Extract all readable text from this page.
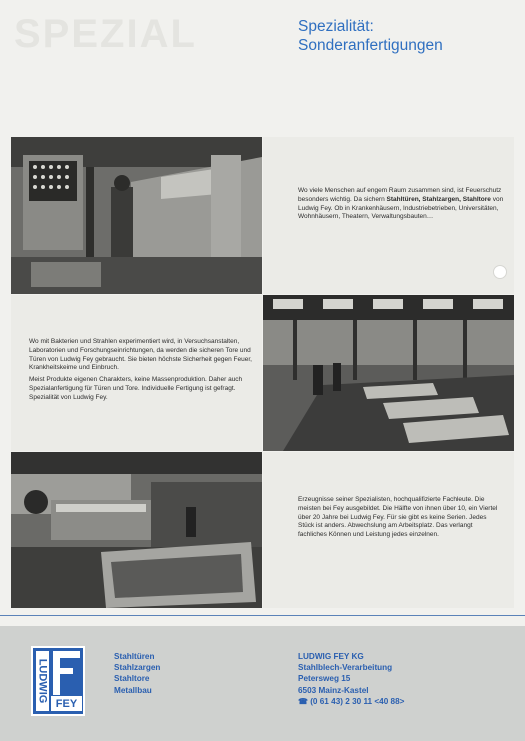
SPEZIAL	Spezialität:
Sonderanfertigungen

Wo viele Menschen auf engem Raum zusammen sind, ist Feuerschutz besonders wichtig. Da sichern Stahltüren, Stahlzargen, Stahltore von Ludwig Fey. Ob in Krankenhäusern, Industriebetrieben, Universitäten, Wohnhäusern, Theatern, Verwaltungsbauten…

Wo mit Bakterien und Strahlen experimentiert wird, in Versuchsanstalten, Laboratorien und Forschungseinrichtungen, da werden die sicheren Tore und Türen von Ludwig Fey gebraucht. Sie bieten höchste Sicherheit gegen Feuer, Krankheitskeime und Einbruch.

Meist Produkte eigenen Charakters, keine Massenproduktion. Daher auch Spezialanfertigung für Türen und Tore. Individuelle Fertigung ist gefragt. Spezialität von Ludwig Fey.

Erzeugnisse seiner Spezialisten, hochqualifizierte Fachleute. Die meisten bei Fey ausgebildet. Die Hälfte von ihnen über 10, ein Viertel über 20 Jahre bei Ludwig Fey. Für sie gibt es keine Serien. Jedes Stück ist anders. Abwechslung am Arbeitsplatz. Das verlangt fachliches Können und Leistung jedes einzelnen.

LUDWIG
FEY
Stahltüren
Stahlzargen
Stahltore
Metallbau
LUDWIG FEY KG
Stahlblech-Verarbeitung
Petersweg 15
6503 Mainz-Kastel
☎ (0 61 43) 2 30 11 <40 88>
